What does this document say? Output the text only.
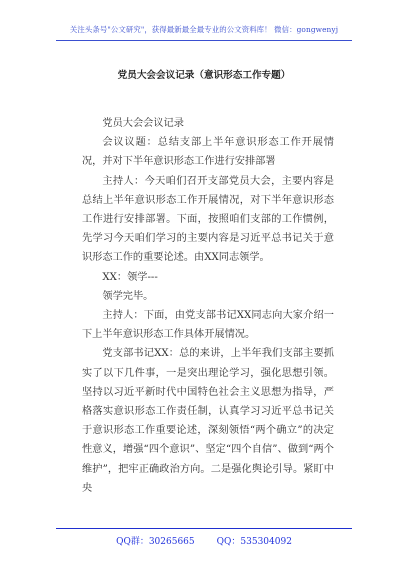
关注头条号"公文研究"，获得最新最全最专业的公文资料库！ 微信：gongwenyj
党员大会会议记录（意识形态工作专题）

党员大会会议记录

会议议题：总结支部上半年意识形态工作开展情况，并对下半年意识形态工作进行安排部署

主持人：今天咱们召开支部党员大会，主要内容是总结上半年意识形态工作开展情况，对下半年意识形态工作进行安排部署。下面，按照咱们支部的工作惯例，先学习今天咱们学习的主要内容是习近平总书记关于意识形态工作的重要论述。由XX同志领学。

XX：领学---

领学完毕。

主持人：下面，由党支部书记XX同志向大家介绍一下上半年意识形态工作具体开展情况。

党支部书记XX：总的来讲，上半年我们支部主要抓实了以下几件事，一是突出理论学习，强化思想引领。坚持以习近平新时代中国特色社会主义思想为指导，严格落实意识形态工作责任制，认真学习习近平总书记关于意识形态工作重要论述，深刻领悟“两个确立”的决定性意义，增强“四个意识”、坚定“四个自信”、做到“两个维护”，把牢正确政治方向。二是强化舆论引导。紧盯中央

QQ群：30265665 QQ：535304092
